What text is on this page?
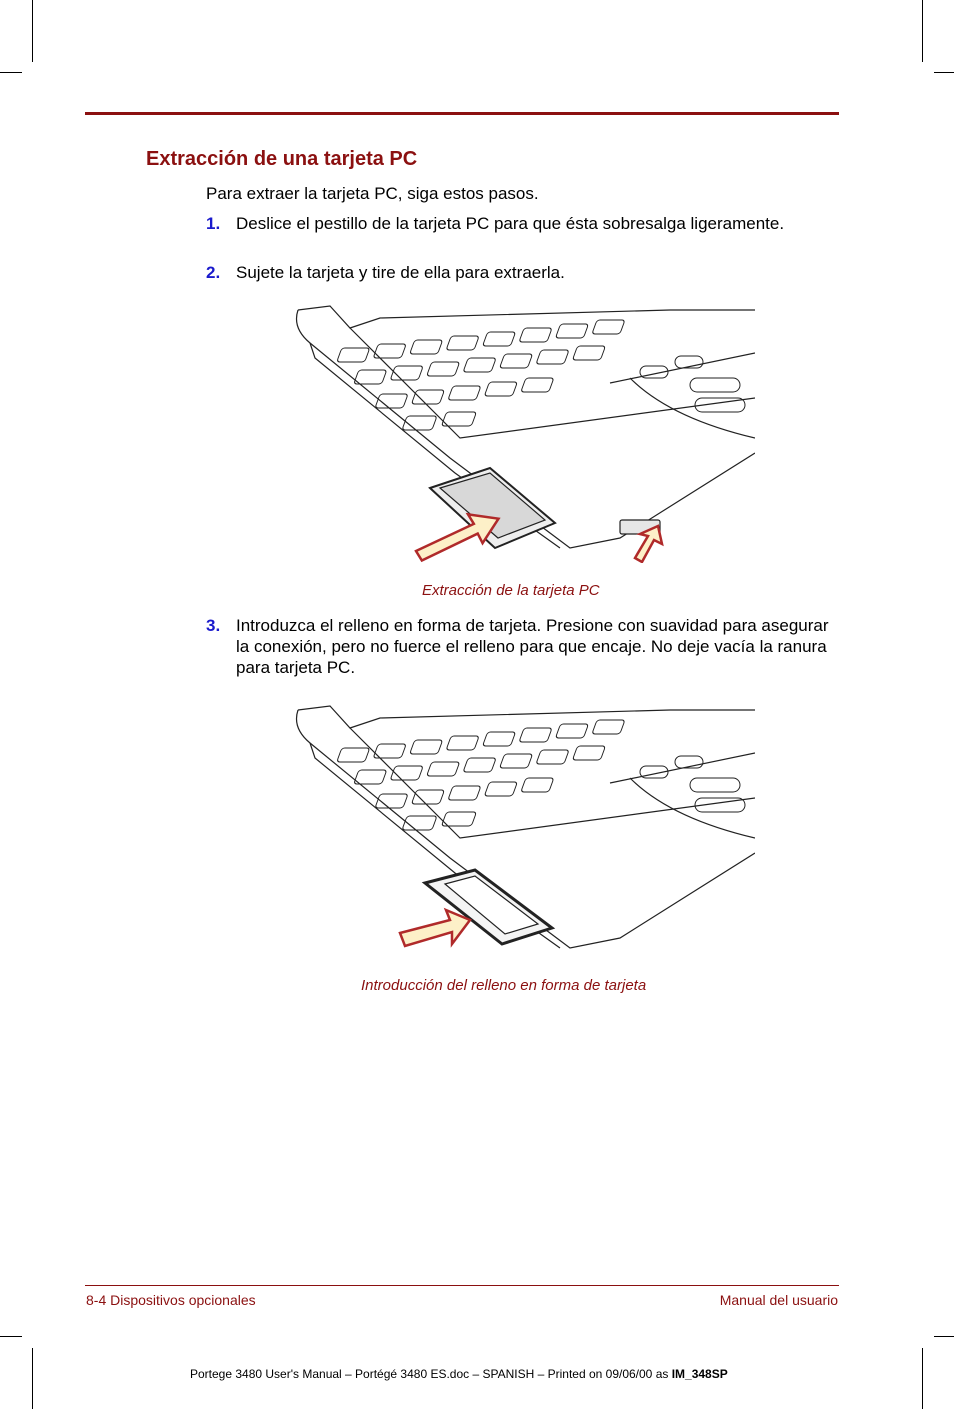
Extracción de una tarjeta PC
Para extraer la tarjeta PC, siga estos pasos.
1. Deslice el pestillo de la tarjeta PC para que ésta sobresalga ligeramente.
2. Sujete la tarjeta y tire de ella para extraerla.
Extracción de la tarjeta PC
3. Introduzca el relleno en forma de tarjeta. Presione con suavidad para asegurar la conexión, pero no fuerce el relleno para que encaje. No deje vacía la ranura para tarjeta PC.
Introducción del relleno en forma de tarjeta
8-4 Dispositivos opcionales	Manual del usuario
Portege 3480 User's Manual – Portégé 3480 ES.doc – SPANISH – Printed on 09/06/00 as IM_348SP
